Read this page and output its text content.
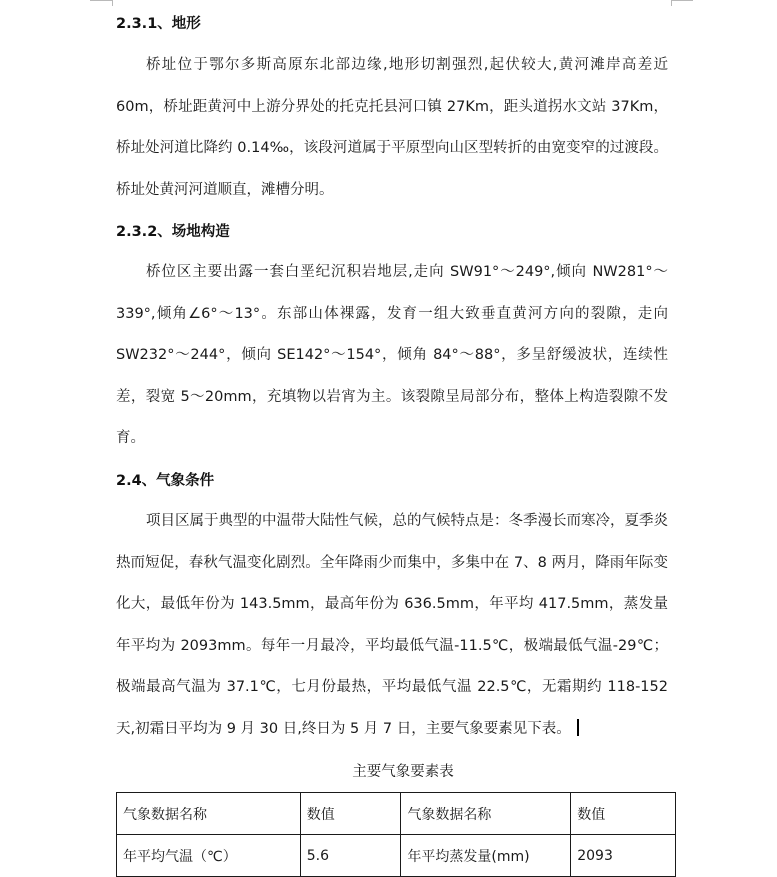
2.3.1、地形

桥址位于鄂尔多斯高原东北部边缘,地形切割强烈,起伏较大,黄河滩岸高差近 60m，桥址距黄河中上游分界处的托克托县河口镇 27Km，距头道拐水文站 37Km，桥址处河道比降约 0.14‰，该段河道属于平原型向山区型转折的由宽变窄的过渡段。桥址处黄河河道顺直，滩槽分明。

2.3.2、场地构造

桥位区主要出露一套白垩纪沉积岩地层,走向 SW91°～249°,倾向 NW281°～339°,倾角∠6°～13°。东部山体裸露，发育一组大致垂直黄河方向的裂隙，走向 SW232°～244°，倾向 SE142°～154°，倾角 84°～88°，多呈舒缓波状，连续性差，裂宽 5～20mm，充填物以岩宵为主。该裂隙呈局部分布，整体上构造裂隙不发育。

2.4、气象条件
项目区属于典型的中温带大陆性气候，总的气候特点是：冬季漫长而寒冷，夏季炎热而短促，春秋气温变化剧烈。全年降雨少而集中，多集中在 7、8 两月，降雨年际变化大，最低年份为 143.5mm，最高年份为 636.5mm，年平均 417.5mm，蒸发量年平均为 2093mm。每年一月最冷，平均最低气温-11.5℃，极端最低气温-29℃；极端最高气温为 37.1℃，七月份最热，平均最低气温 22.5℃，无霜期约 118-152 天,初霜日平均为 9 月 30 日,终日为 5 月 7 日，主要气象要素见下表。
主要气象要素表
气象数据名称	数值	气象数据名称	数值
年平均气温（℃）	5.6	年平均蒸发量(mm)	2093
